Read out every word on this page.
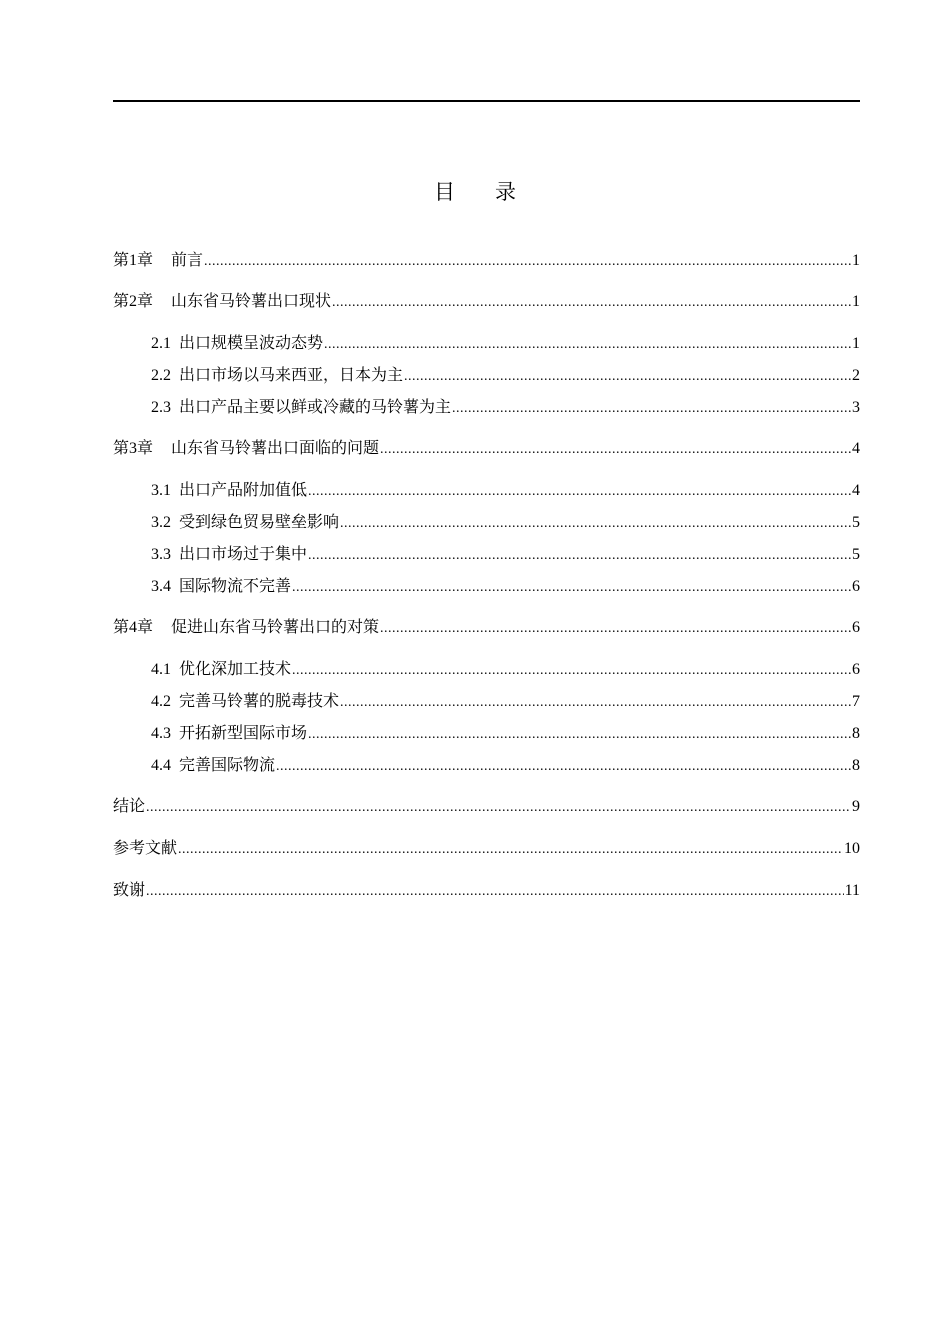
目录
第 1 章 前言 .....	1
第 2 章 山东省马铃薯出口现状 .....	1
2.1 出口规模呈波动态势 .....	1
2.2 出口市场以马来西亚，日本为主 .....	2
2.3 出口产品主要以鲜或冷藏的马铃薯为主 .....	3
第 3 章 山东省马铃薯出口面临的问题 .....	4
3.1 出口产品附加值低 .....	4
3.2 受到绿色贸易壁垒影响 .....	5
3.3 出口市场过于集中 .....	5
3.4 国际物流不完善 .....	6
第 4 章 促进山东省马铃薯出口的对策 .....	6
4.1 优化深加工技术 .....	6
4.2 完善马铃薯的脱毒技术 .....	7
4.3 开拓新型国际市场 .....	8
4.4 完善国际物流 .....	8
结论 .....	9
参考文献 .....	10
致谢 .....	11
